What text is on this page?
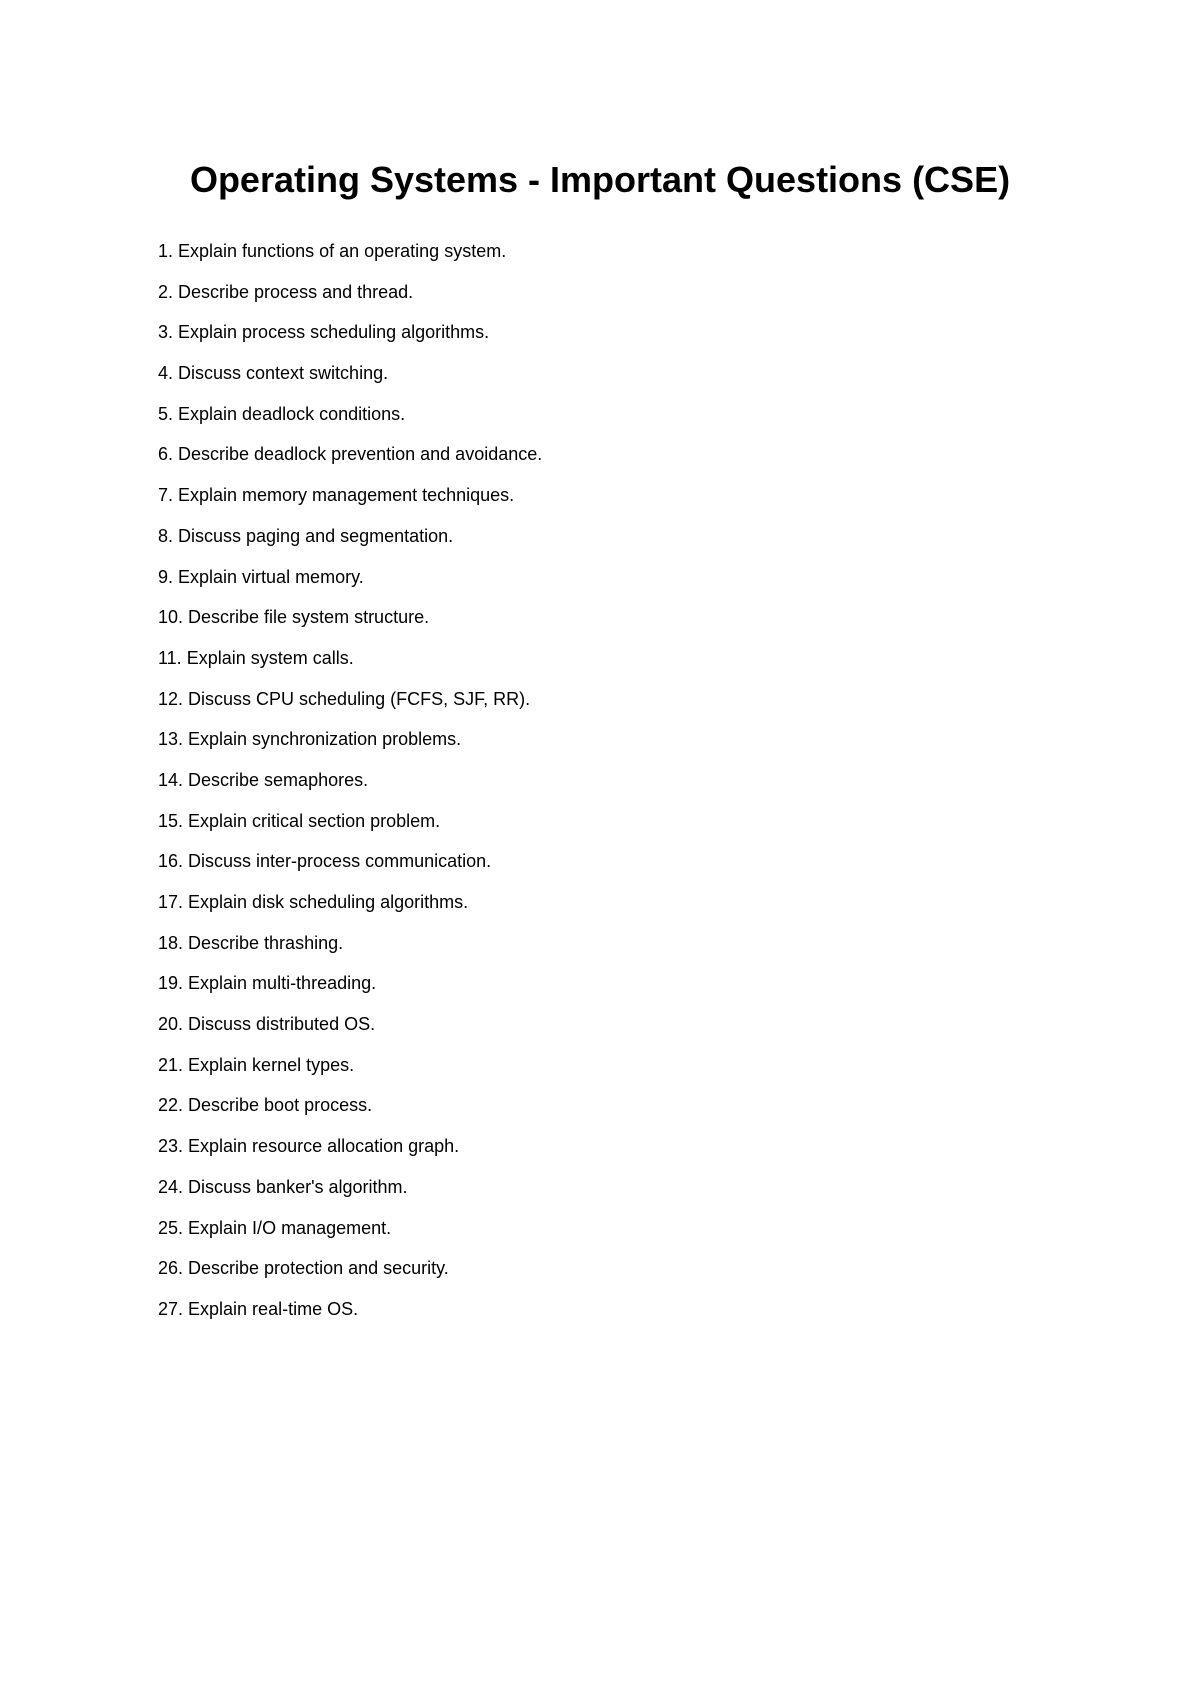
Operating Systems - Important Questions (CSE)
1. Explain functions of an operating system.
2. Describe process and thread.
3. Explain process scheduling algorithms.
4. Discuss context switching.
5. Explain deadlock conditions.
6. Describe deadlock prevention and avoidance.
7. Explain memory management techniques.
8. Discuss paging and segmentation.
9. Explain virtual memory.
10. Describe file system structure.
11. Explain system calls.
12. Discuss CPU scheduling (FCFS, SJF, RR).
13. Explain synchronization problems.
14. Describe semaphores.
15. Explain critical section problem.
16. Discuss inter-process communication.
17. Explain disk scheduling algorithms.
18. Describe thrashing.
19. Explain multi-threading.
20. Discuss distributed OS.
21. Explain kernel types.
22. Describe boot process.
23. Explain resource allocation graph.
24. Discuss banker's algorithm.
25. Explain I/O management.
26. Describe protection and security.
27. Explain real-time OS.
